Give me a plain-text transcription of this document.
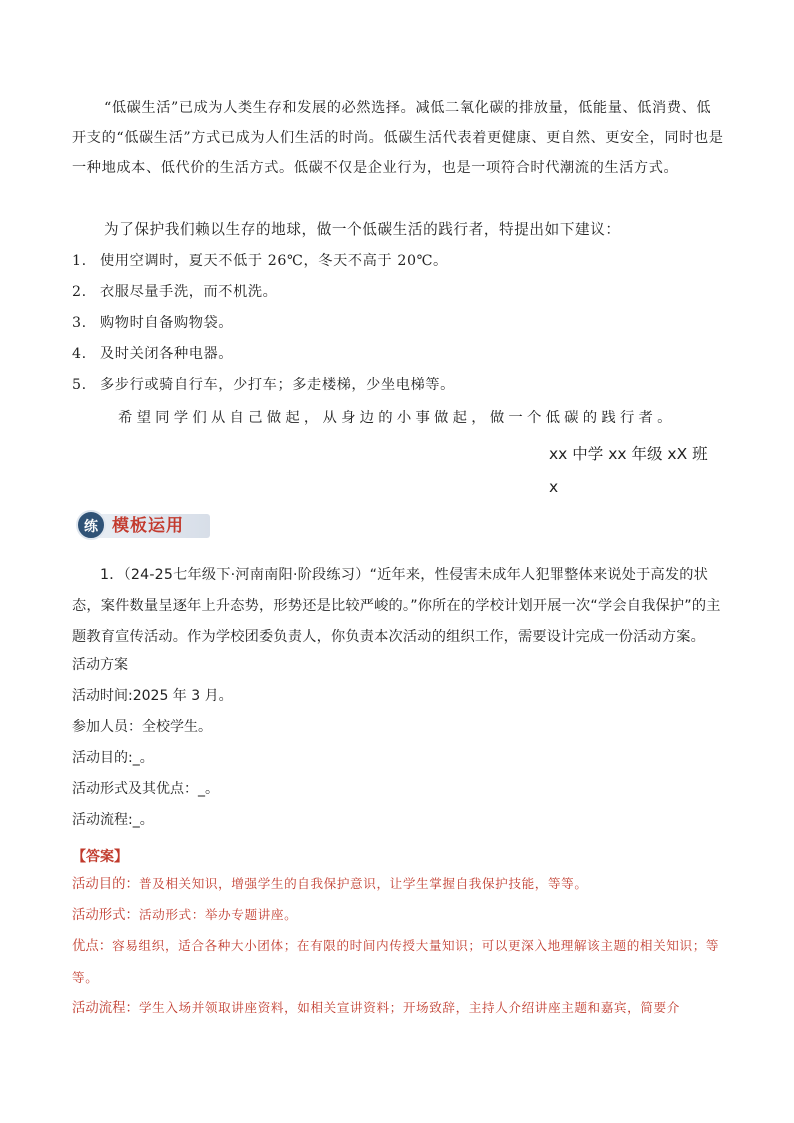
“低碳生活”已成为人类生存和发展的必然选择。减低二氧化碳的排放量，低能量、低消费、低开支的“低碳生活”方式已成为人们生活的时尚。低碳生活代表着更健康、更自然、更安全，同时也是一种地成本、低代价的生活方式。低碳不仅是企业行为，也是一项符合时代潮流的生活方式。
为了保护我们赖以生存的地球，做一个低碳生活的践行者，特提出如下建议：
1. 使用空调时，夏天不低于 26℃，冬天不高于 20℃。
2. 衣服尽量手洗，而不机洗。
3. 购物时自备购物袋。
4. 及时关闭各种电器。
5. 多步行或骑自行车，少打车；多走楼梯，少坐电梯等。
希望同学们从自己做起，从身边的小事做起，做一个低碳的践行者。
xx 中学 xx 年级 xX 班
x
练 模板运用
1．（24-25七年级下·河南南阳·阶段练习）“近年来，性侵害未成年人犯罪整体来说处于高发的状态，案件数量呈逐年上升态势，形势还是比较严峻的。”你所在的学校计划开展一次“学会自我保护”的主题教育宣传活动。作为学校团委负责人，你负责本次活动的组织工作，需要设计完成一份活动方案。
活动方案
活动时间:2025 年 3 月。
参加人员：全校学生。
活动目的:_。
活动形式及其优点：_。
活动流程:_。
【答案】
活动目的：普及相关知识，增强学生的自我保护意识，让学生掌握自我保护技能，等等。
活动形式：活动形式：举办专题讲座。
优点：容易组织，适合各种大小团体；在有限的时间内传授大量知识；可以更深入地理解该主题的相关知识；等等。
活动流程：学生入场并领取讲座资料，如相关宣讲资料；开场致辞，主持人介绍讲座主题和嘉宾，简要介
